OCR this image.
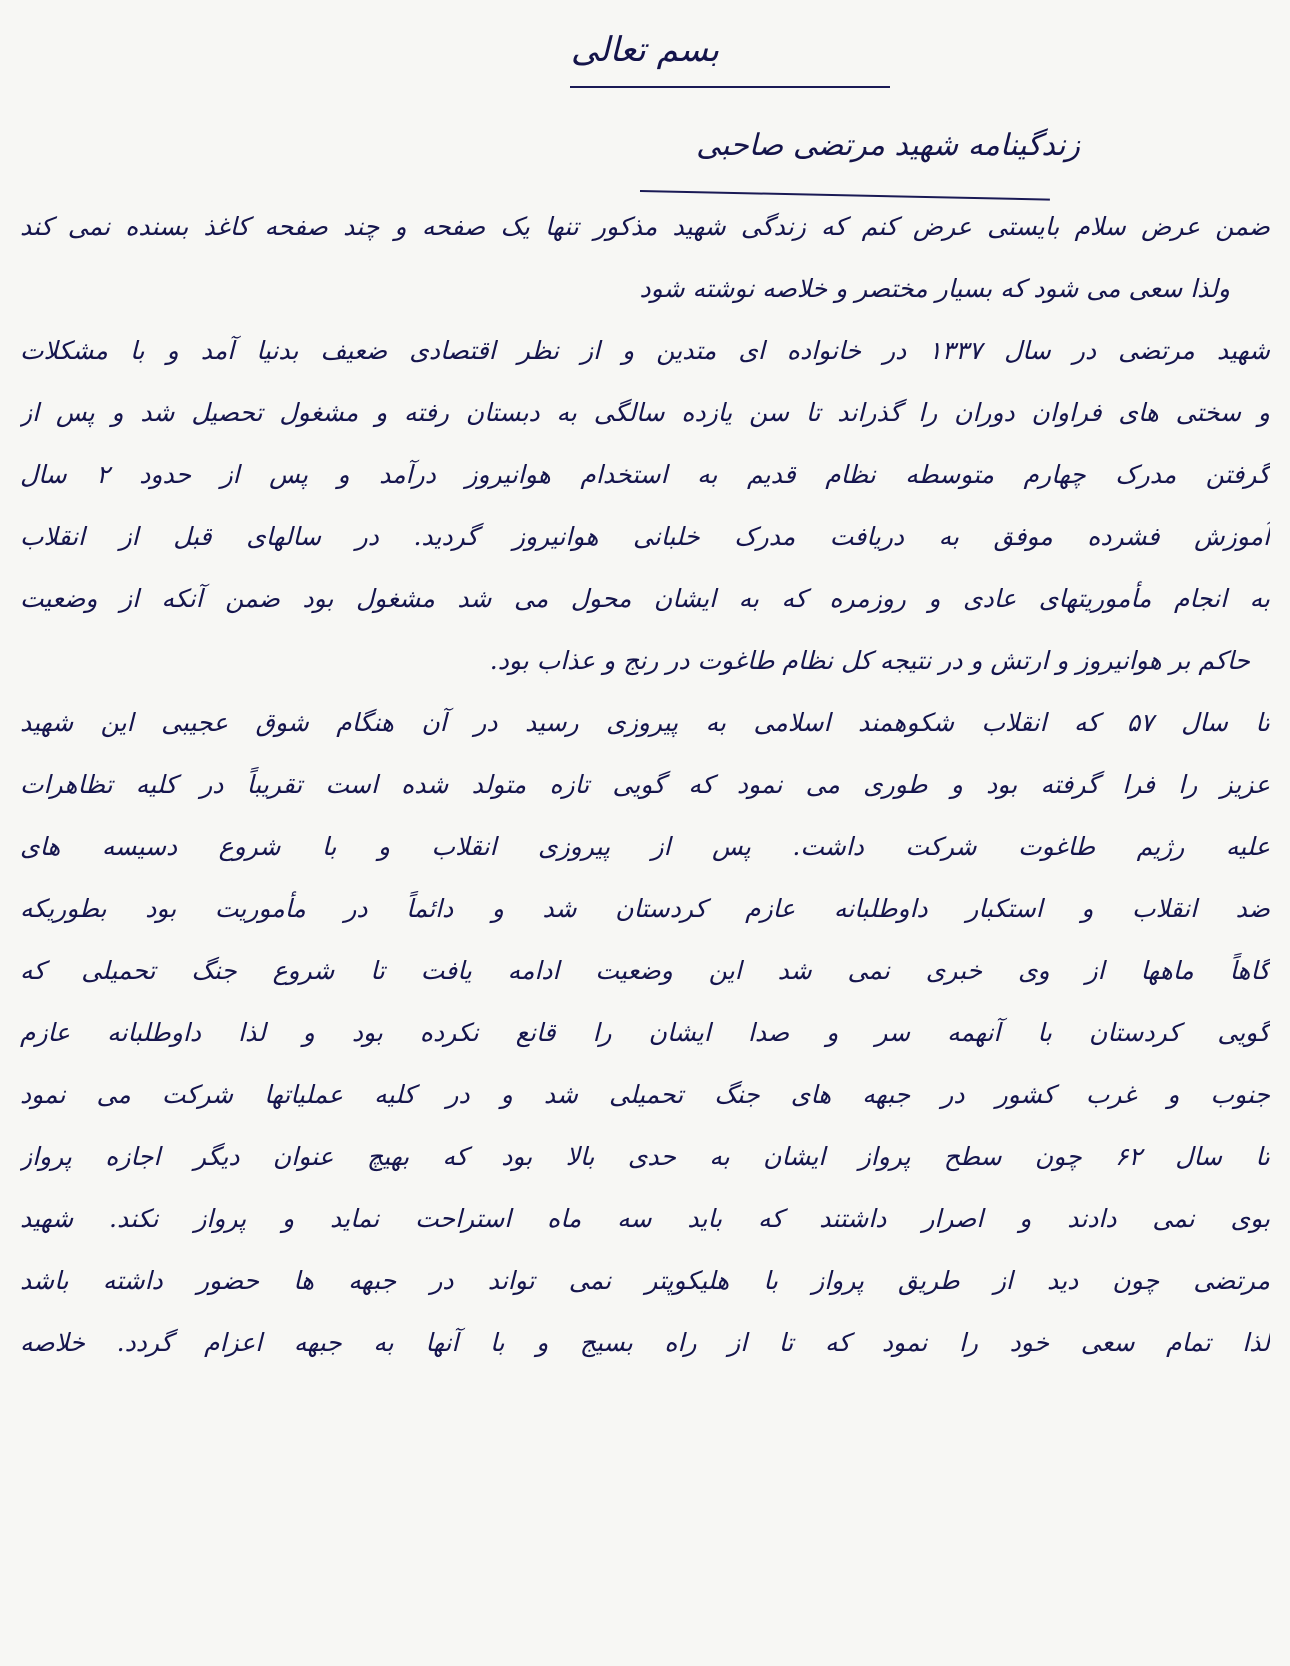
بسم تعالی
زندگینامه شهید مرتضی صاحبی
ضمن عرض سلام بایستی عرض کنم که زندگی شهید مذکور تنها یک صفحه و چند صفحه کاغذ بسنده نمی کند
ولذا سعی می شود که بسیار مختصر و خلاصه نوشته شود
شهید مرتضی در سال ۱۳۳۷ در خانواده ای متدین و از نظر اقتصادی ضعیف بدنیا آمد و با مشکلات
و سختی های فراوان دوران را گذراند تا سن یازده سالگی به دبستان رفته و مشغول تحصیل شد و پس از
گرفتن مدرک چهارم متوسطه نظام قدیم به استخدام هوانیروز درآمد و پس از حدود ۲ سال
آموزش فشرده موفق به دریافت مدرک خلبانی هوانیروز گردید. در سالهای قبل از انقلاب
به انجام مأموریتهای عادی و روزمره که به ایشان محول می شد مشغول بود ضمن آنکه از وضعیت
حاکم بر هوانیروز و ارتش و در نتیجه کل نظام طاغوت در رنج و عذاب بود.
تا سال ۵۷ که انقلاب شکوهمند اسلامی به پیروزی رسید در آن هنگام شوق عجیبی این شهید
عزیز را فرا گرفته بود و طوری می نمود که گویی تازه متولد شده است تقریباً در کلیه تظاهرات
علیه رژیم طاغوت شرکت داشت. پس از پیروزی انقلاب و با شروع دسیسه های
ضد انقلاب و استکبار داوطلبانه عازم کردستان شد و دائماً در مأموریت بود بطوریکه
گاهاً ماهها از وی خبری نمی شد این وضعیت ادامه یافت تا شروع جنگ تحمیلی که
گویی کردستان با آنهمه سر و صدا ایشان را قانع نکرده بود و لذا داوطلبانه عازم
جنوب و غرب کشور در جبهه های جنگ تحمیلی شد و در کلیه عملیاتها شرکت می نمود
تا سال ۶۲ چون سطح پرواز ایشان به حدی بالا بود که بهیچ عنوان دیگر اجازه پرواز
بوی نمی دادند و اصرار داشتند که باید سه ماه استراحت نماید و پرواز نکند. شهید
مرتضی چون دید از طریق پرواز با هلیکوپتر نمی تواند در جبهه ها حضور داشته باشد
لذا تمام سعی خود را نمود که تا از راه بسیج و با آنها به جبهه اعزام گردد. خلاصه
